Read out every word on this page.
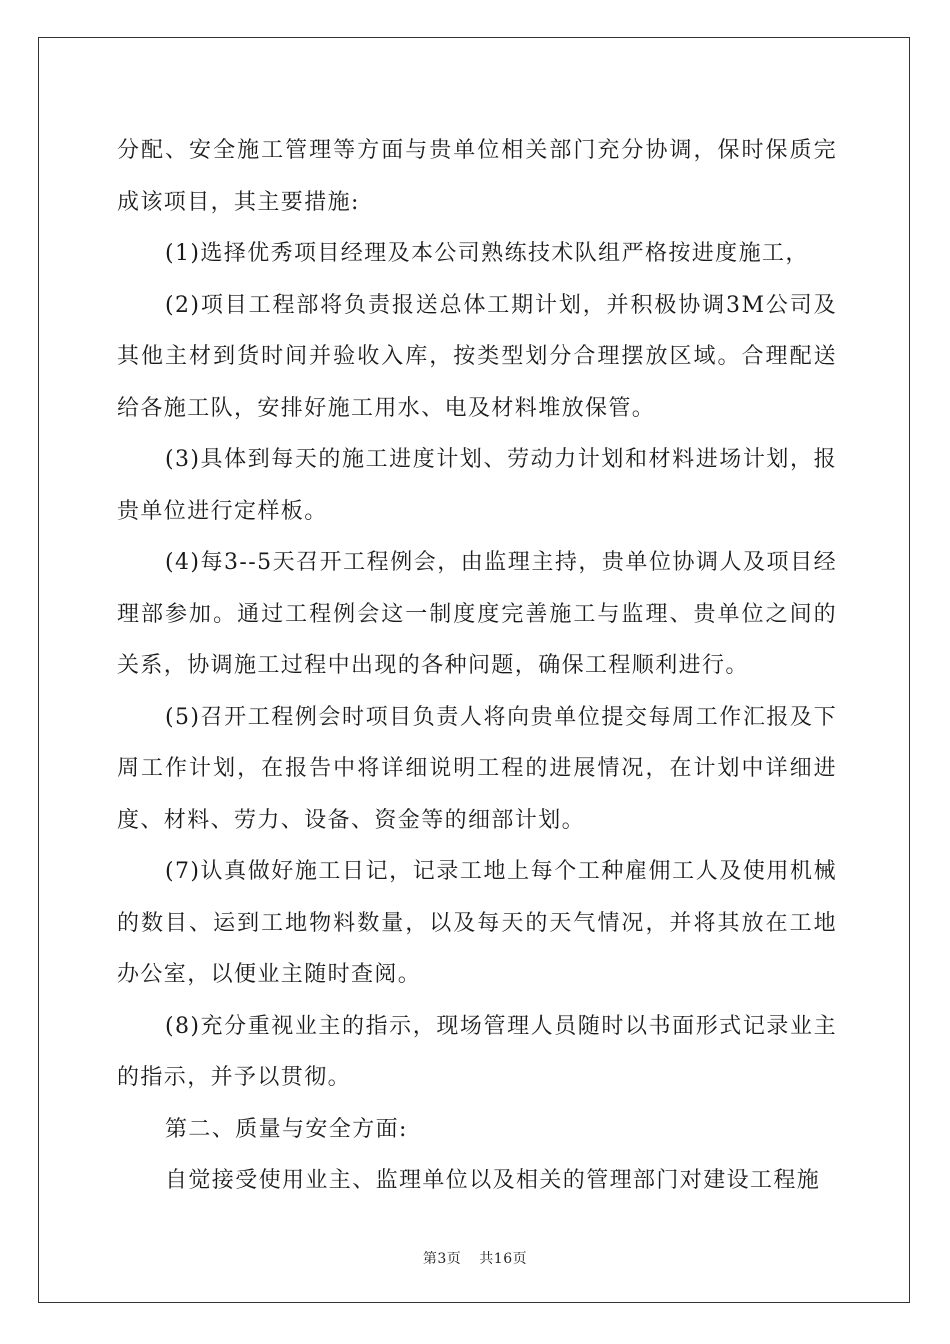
分配、安全施工管理等方面与贵单位相关部门充分协调，保时保质完成该项目，其主要措施:

(1)选择优秀项目经理及本公司熟练技术队组严格按进度施工，

(2)项目工程部将负责报送总体工期计划，并积极协调3M公司及其他主材到货时间并验收入库，按类型划分合理摆放区域。合理配送给各施工队，安排好施工用水、电及材料堆放保管。

(3)具体到每天的施工进度计划、劳动力计划和材料进场计划，报贵单位进行定样板。

(4)每3--5天召开工程例会，由监理主持，贵单位协调人及项目经理部参加。通过工程例会这一制度度完善施工与监理、贵单位之间的关系，协调施工过程中出现的各种问题，确保工程顺利进行。

(5)召开工程例会时项目负责人将向贵单位提交每周工作汇报及下周工作计划，在报告中将详细说明工程的进展情况，在计划中详细进度、材料、劳力、设备、资金等的细部计划。

(7)认真做好施工日记，记录工地上每个工种雇佣工人及使用机械的数目、运到工地物料数量，以及每天的天气情况，并将其放在工地办公室，以便业主随时查阅。

(8)充分重视业主的指示，现场管理人员随时以书面形式记录业主的指示，并予以贯彻。

第二、质量与安全方面:

自觉接受使用业主、监理单位以及相关的管理部门对建设工程施

第3页 共16页
